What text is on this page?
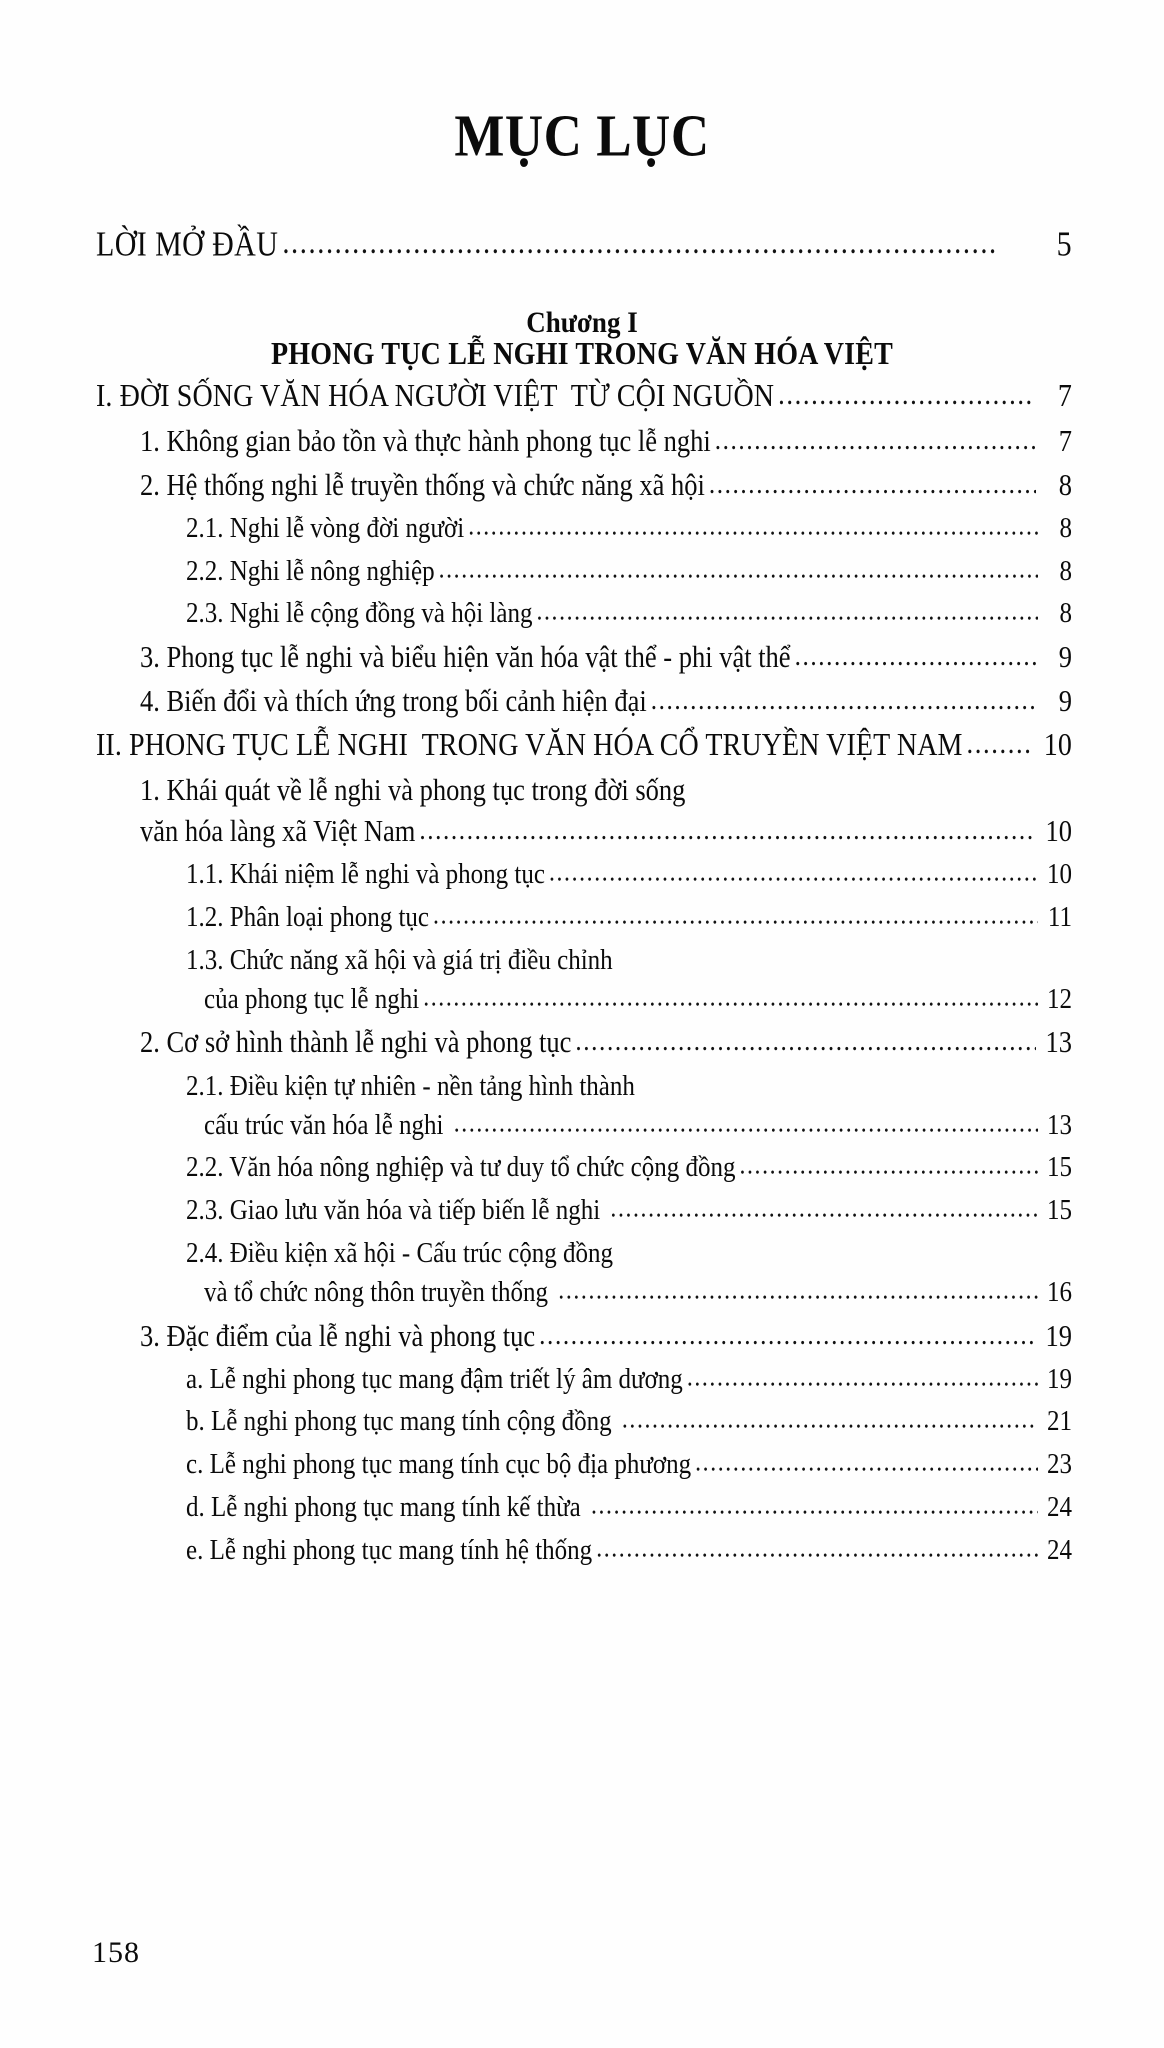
MỤC LỤC
LỜI MỞ ĐẦU .....	5
Chương I
PHONG TỤC LỄ NGHI TRONG VĂN HÓA VIỆT
I. ĐỜI SỐNG VĂN HÓA NGƯỜI VIỆT  TỪ CỘI NGUỒN .....	7
1. Không gian bảo tồn và thực hành phong tục lễ nghi .....	7
2. Hệ thống nghi lễ truyền thống và chức năng xã hội .....	8
2.1. Nghi lễ vòng đời người .....	8
2.2. Nghi lễ nông nghiệp .....	8
2.3. Nghi lễ cộng đồng và hội làng .....	8
3. Phong tục lễ nghi và biểu hiện văn hóa vật thể - phi vật thể .....	9
4. Biến đổi và thích ứng trong bối cảnh hiện đại .....	9
II. PHONG TỤC LỄ NGHI  TRONG VĂN HÓA CỔ TRUYỀN VIỆT NAM .....	10
1. Khái quát về lễ nghi và phong tục trong đời sống
văn hóa làng xã Việt Nam .....	10
1.1. Khái niệm lễ nghi và phong tục .....	10
1.2. Phân loại phong tục .....	11
1.3. Chức năng xã hội và giá trị điều chỉnh
của phong tục lễ nghi .....	12
2. Cơ sở hình thành lễ nghi và phong tục .....	13
2.1. Điều kiện tự nhiên - nền tảng hình thành
cấu trúc văn hóa lễ nghi .....	13
2.2. Văn hóa nông nghiệp và tư duy tổ chức cộng đồng .....	15
2.3. Giao lưu văn hóa và tiếp biến lễ nghi .....	15
2.4. Điều kiện xã hội - Cấu trúc cộng đồng
và tổ chức nông thôn truyền thống .....	16
3. Đặc điểm của lễ nghi và phong tục .....	19
a. Lễ nghi phong tục mang đậm triết lý âm dương .....	19
b. Lễ nghi phong tục mang tính cộng đồng .....	21
c. Lễ nghi phong tục mang tính cục bộ địa phương .....	23
d. Lễ nghi phong tục mang tính kế thừa .....	24
e. Lễ nghi phong tục mang tính hệ thống .....	24
158
